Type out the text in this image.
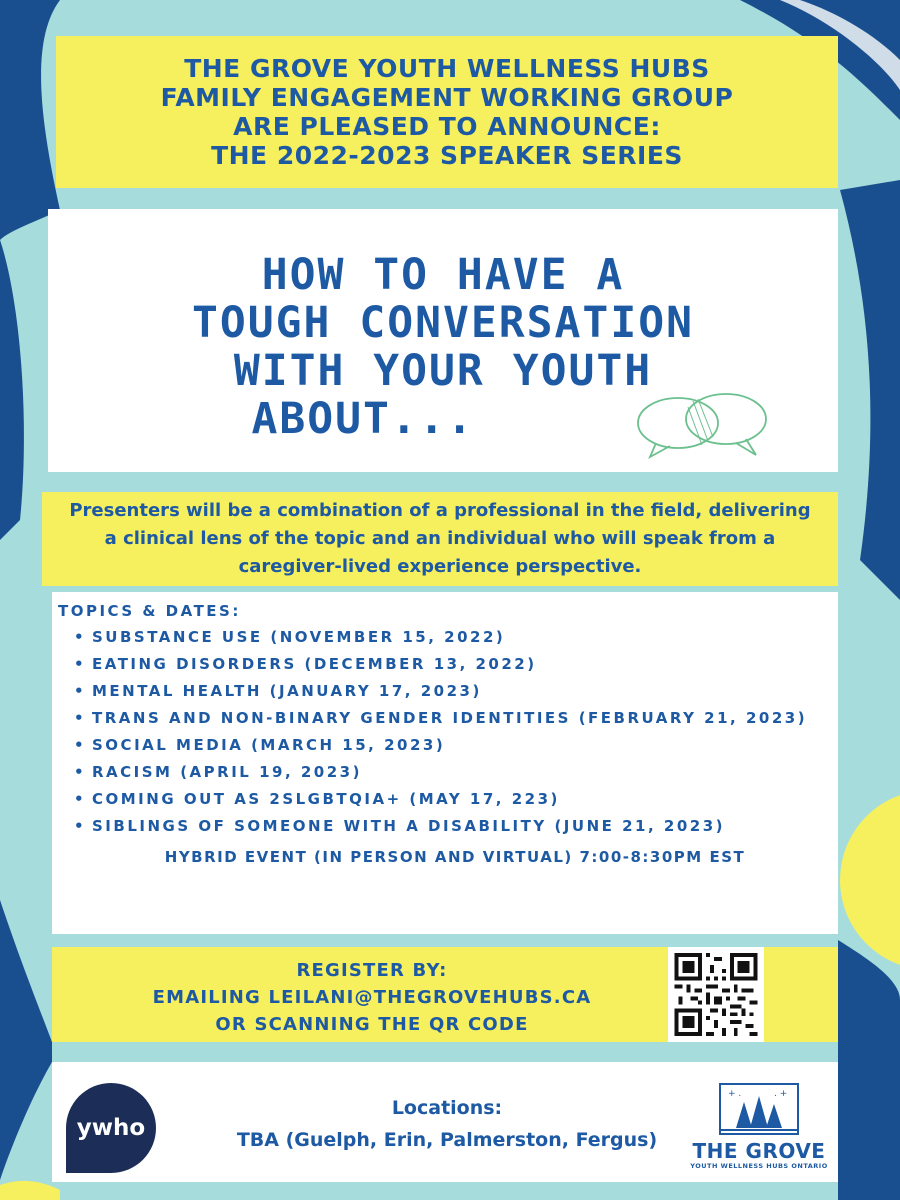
THE GROVE YOUTH WELLNESS HUBS
FAMILY ENGAGEMENT WORKING GROUP
ARE PLEASED TO ANNOUNCE:
THE 2022-2023 SPEAKER SERIES
HOW TO HAVE A
TOUGH CONVERSATION
WITH YOUR YOUTH
ABOUT...
Presenters will be a combination of a professional in the field, delivering
a clinical lens of the topic and an individual who will speak from a
caregiver-lived experience perspective.
TOPICS & DATES:
• SUBSTANCE USE (NOVEMBER 15, 2022)
• EATING DISORDERS (DECEMBER 13, 2022)
• MENTAL HEALTH (JANUARY 17, 2023)
• TRANS AND NON-BINARY GENDER IDENTITIES (FEBRUARY 21, 2023)
• SOCIAL MEDIA (MARCH 15, 2023)
• RACISM (APRIL 19, 2023)
• COMING OUT AS 2SLGBTQIA+ (MAY 17, 223)
• SIBLINGS OF SOMEONE WITH A DISABILITY (JUNE 21, 2023)
HYBRID EVENT (IN PERSON AND VIRTUAL) 7:00-8:30PM EST
REGISTER BY:
EMAILING LEILANI@THEGROVEHUBS.CA
OR SCANNING THE QR CODE
ywho
Locations:
TBA (Guelph, Erin, Palmerston, Fergus)
+ .	. +
THE GROVE
YOUTH WELLNESS HUBS ONTARIO
